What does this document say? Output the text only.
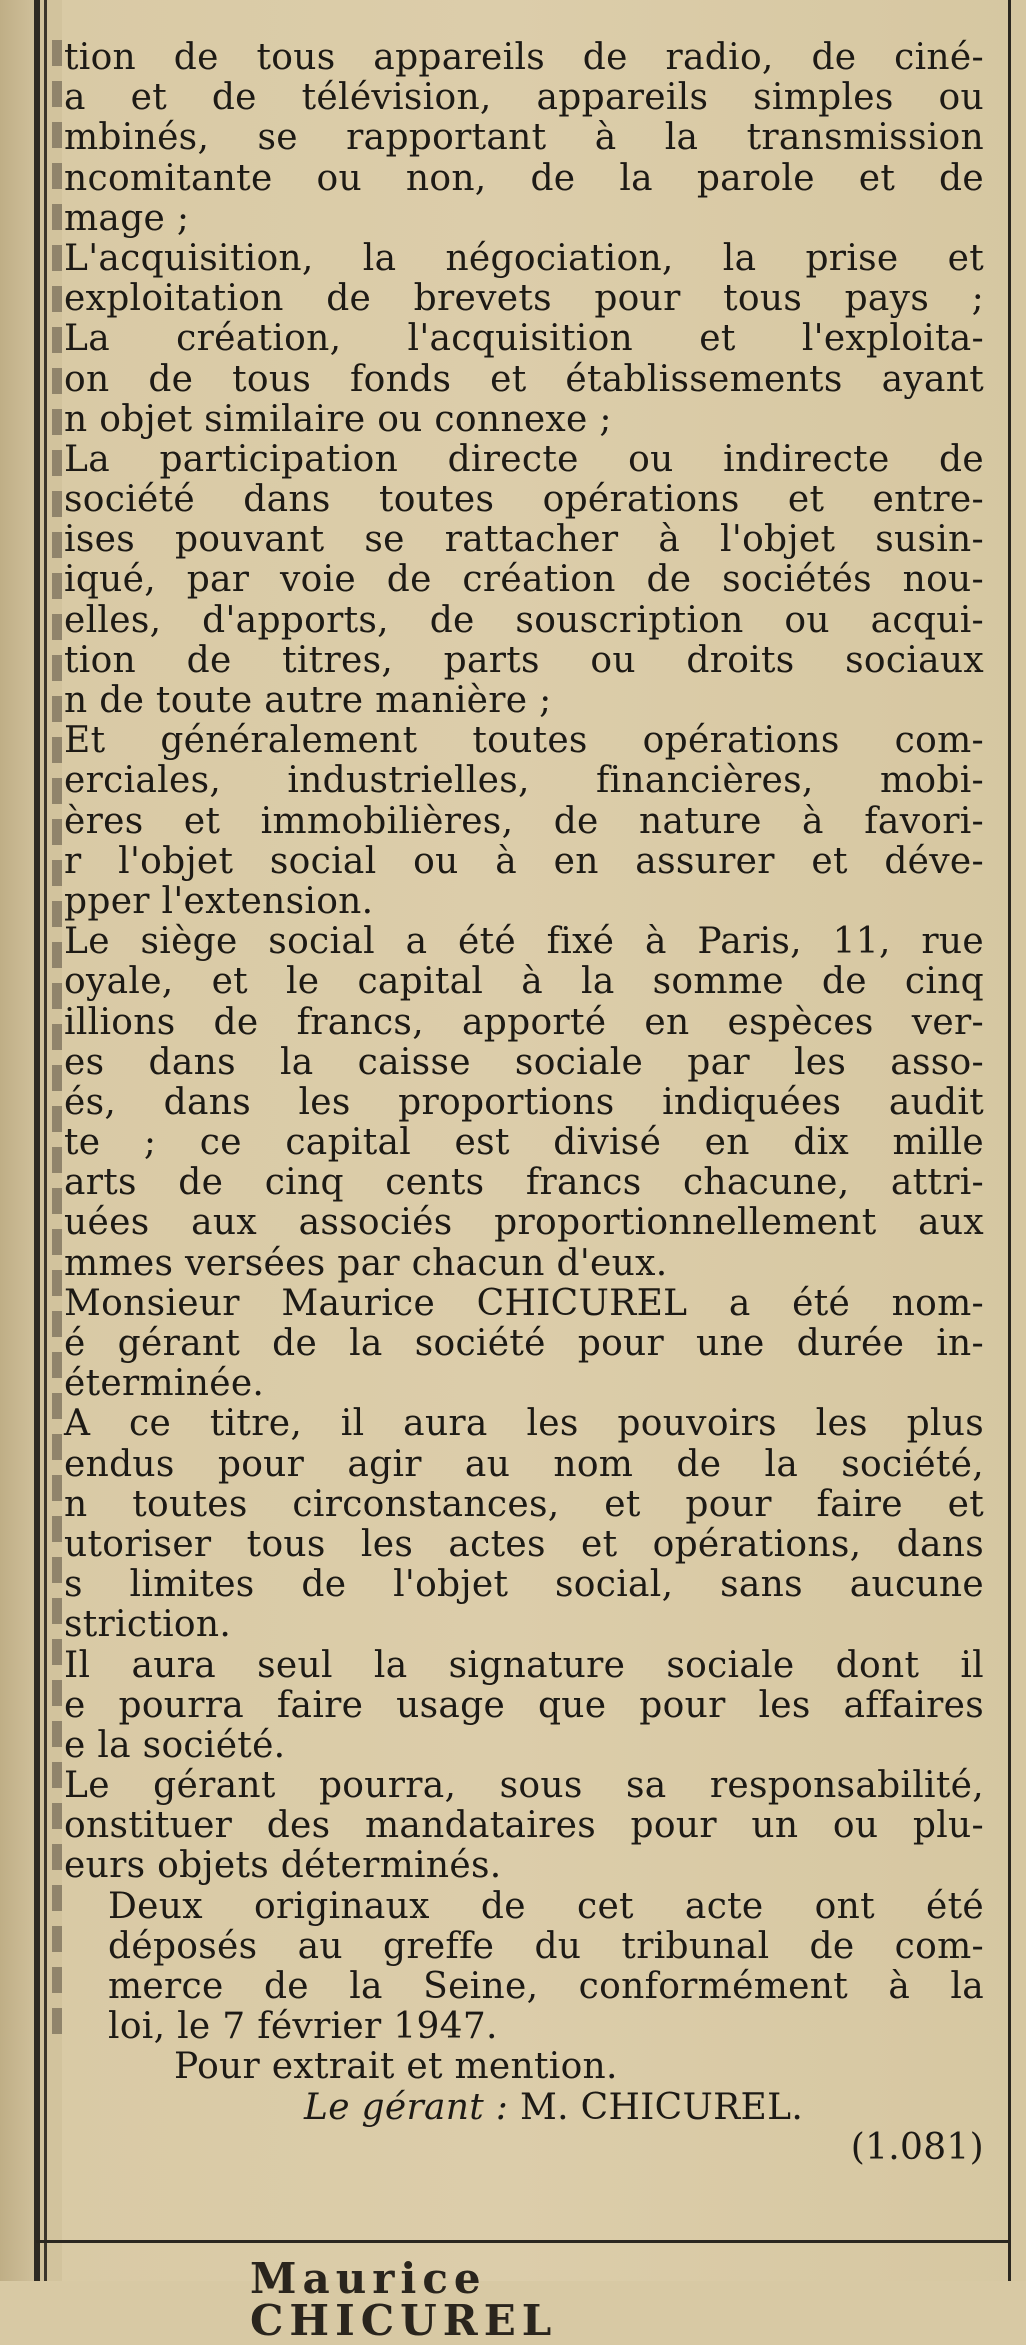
tion de tous appareils de radio, de ciné-
a et de télévision, appareils simples ou
mbinés, se rapportant à la transmission
ncomitante ou non, de la parole et de
mage ;
L'acquisition, la négociation, la prise et
exploitation de brevets pour tous pays ;
La création, l'acquisition et l'exploita-
on de tous fonds et établissements ayant
n objet similaire ou connexe ;
La participation directe ou indirecte de
société dans toutes opérations et entre-
ises pouvant se rattacher à l'objet susin-
iqué, par voie de création de sociétés nou-
elles, d'apports, de souscription ou acqui-
tion de titres, parts ou droits sociaux
n de toute autre manière ;
Et généralement toutes opérations com-
erciales, industrielles, financières, mobi-
ères et immobilières, de nature à favori-
r l'objet social ou à en assurer et déve-
pper l'extension.
Le siège social a été fixé à Paris, 11, rue
oyale, et le capital à la somme de cinq
illions de francs, apporté en espèces ver-
es dans la caisse sociale par les asso-
és, dans les proportions indiquées audit
te ; ce capital est divisé en dix mille
arts de cinq cents francs chacune, attri-
uées aux associés proportionnellement aux
mmes versées par chacun d'eux.
Monsieur Maurice CHICUREL a été nom-
é gérant de la société pour une durée in-
éterminée.
A ce titre, il aura les pouvoirs les plus
endus pour agir au nom de la société,
n toutes circonstances, et pour faire et
utoriser tous les actes et opérations, dans
s limites de l'objet social, sans aucune
striction.
Il aura seul la signature sociale dont il
e pourra faire usage que pour les affaires
e la société.
Le gérant pourra, sous sa responsabilité,
onstituer des mandataires pour un ou plu-
eurs objets déterminés.
Deux originaux de cet acte ont été
déposés au greffe du tribunal de com-
merce de la Seine, conformément à la
loi, le 7 février 1947.
Pour extrait et mention.
Le gérant : M. CHICUREL.
(1.081)
Maurice CHICUREL
